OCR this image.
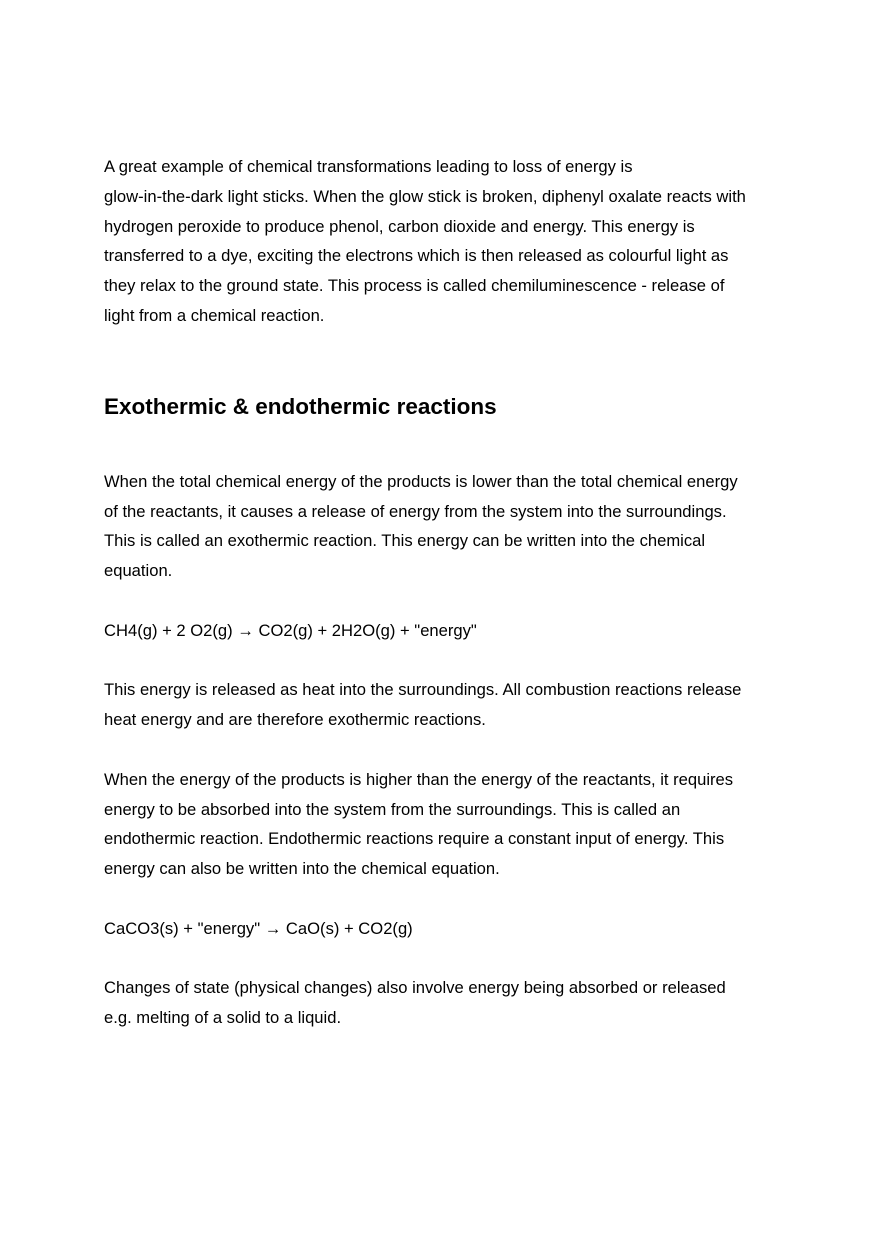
A great example of chemical transformations leading to loss of energy is
glow-in-the-dark light sticks. When the glow stick is broken, diphenyl oxalate reacts with
hydrogen peroxide to produce phenol, carbon dioxide and energy. This energy is
transferred to a dye, exciting the electrons which is then released as colourful light as
they relax to the ground state. This process is called chemiluminescence - release of
light from a chemical reaction.

Exothermic & endothermic reactions

When the total chemical energy of the products is lower than the total chemical energy
of the reactants, it causes a release of energy from the system into the surroundings.
This is called an exothermic reaction. This energy can be written into the chemical
equation.

CH4(g) + 2 O2(g) → CO2(g) + 2H2O(g) + "energy"

This energy is released as heat into the surroundings. All combustion reactions release
heat energy and are therefore exothermic reactions.

When the energy of the products is higher than the energy of the reactants, it requires
energy to be absorbed into the system from the surroundings. This is called an
endothermic reaction. Endothermic reactions require a constant input of energy. This
energy can also be written into the chemical equation.

CaCO3(s) + "energy" → CaO(s) + CO2(g)

Changes of state (physical changes) also involve energy being absorbed or released
e.g. melting of a solid to a liquid.
